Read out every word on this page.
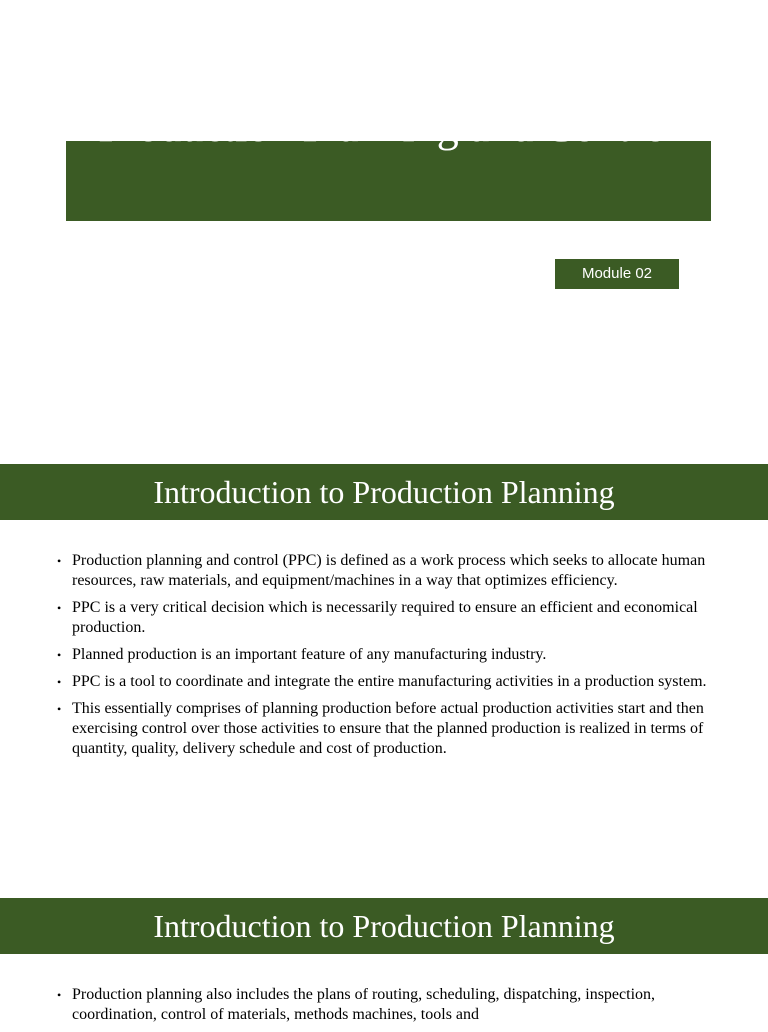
Production Planning and Control
Module 02
Introduction to Production Planning
• Production planning and control (PPC) is defined as a work process which seeks to allocate human resources, raw materials, and equipment/machines in a way that optimizes efficiency.
• PPC is a very critical decision which is necessarily required to ensure an efficient and economical production.
• Planned production is an important feature of any manufacturing industry.
• PPC is a tool to coordinate and integrate the entire manufacturing activities in a production system.
• This essentially comprises of planning production before actual production activities start and then exercising control over those activities to ensure that the planned production is realized in terms of quantity, quality, delivery schedule and cost of production.
Introduction to Production Planning
• Production planning also includes the plans of routing, scheduling, dispatching, inspection, coordination, control of materials, methods machines, tools and
